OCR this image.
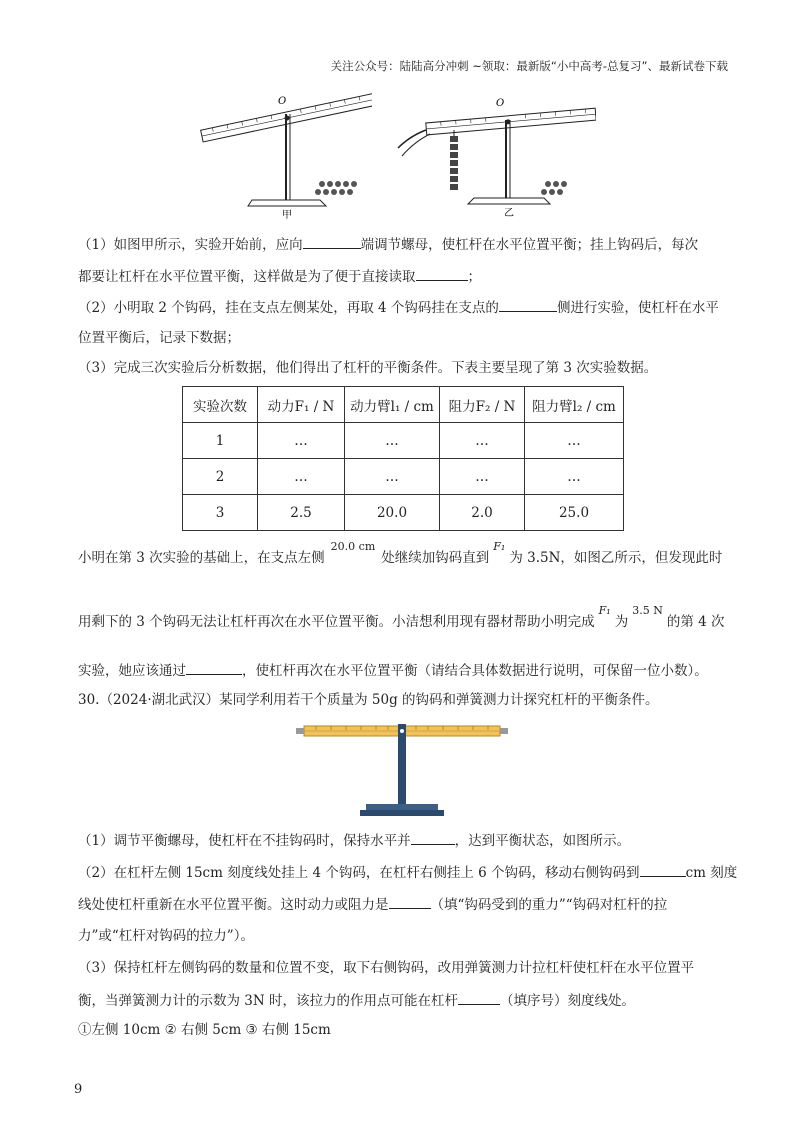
关注公众号：陆陆高分冲刺 ~领取：最新版“小中高考-总复习”、最新试卷下载
O
甲
O
乙
（1）如图甲所示，实验开始前，应向	端调节螺母，使杠杆在水平位置平衡；挂上钩码后，每次
都要让杠杆在水平位置平衡，这样做是为了便于直接读取	；
（2）小明取 2 个钩码，挂在支点左侧某处，再取 4 个钩码挂在支点的	侧进行实验，使杠杆在水平
位置平衡后，记录下数据；
（3）完成三次实验后分析数据，他们得出了杠杆的平衡条件。下表主要呈现了第 3 次实验数据。
实验次数	动力F₁ / N	动力臂l₁ / cm	阻力F₂ / N	阻力臂l₂ / cm
1	…	…	…	…
2	…	…	…	…
3	2.5	20.0	2.0	25.0
小明在第 3 次实验的基础上，在支点左侧$^{20.0 cm}$处继续加钩码直到$^{F_1}$为 3.5N，如图乙所示，但发现此时
用剩下的 3 个钩码无法让杠杆再次在水平位置平衡。小洁想利用现有器材帮助小明完成$^{F_1}$为$^{3.5 N}$的第 4 次
实验，她应该通过	，使杠杆再次在水平位置平衡（请结合具体数据进行说明，可保留一位小数）。
30.（2024·湖北武汉）某同学利用若干个质量为 50g 的钩码和弹簧测力计探究杠杆的平衡条件。
（1）调节平衡螺母，使杠杆在不挂钩码时，保持水平并	，达到平衡状态，如图所示。
（2）在杠杆左侧 15cm 刻度线处挂上 4 个钩码，在杠杆右侧挂上 6 个钩码，移动右侧钩码到	cm 刻度
线处使杠杆重新在水平位置平衡。这时动力或阻力是	（填“钩码受到的重力”“钩码对杠杆的拉
力”或“杠杆对钩码的拉力”）。
（3）保持杠杆左侧钩码的数量和位置不变，取下右侧钩码，改用弹簧测力计拉杠杆使杠杆在水平位置平
衡，当弹簧测力计的示数为 3N 时，该拉力的作用点可能在杠杆	（填序号）刻度线处。
①左侧 10cm ② 右侧 5cm ③ 右侧 15cm
9
